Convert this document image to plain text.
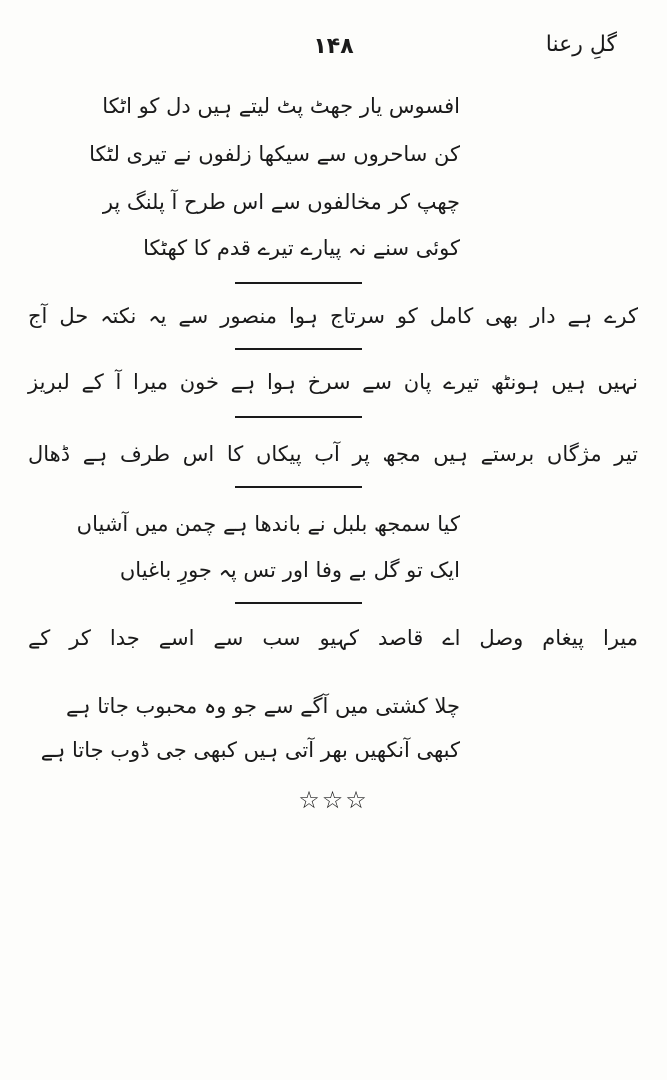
۱۴۸	گلِ رعنا
افسوس یار جھٹ پٹ لیتے ہیں دل کو اٹکا
کن ساحروں سے سیکھا زلفوں نے تیری لٹکا
چھپ کر مخالفوں سے اس طرح آ پلنگ پر
کوئی سنے نہ پیارے تیرے قدم کا کھٹکا
کرے ہے دار بھی کامل کو سرتاج ہوا منصور سے یہ نکتہ حل آج
نہیں ہیں ہونٹھ تیرے پان سے سرخ ہوا ہے خون میرا آ کے لبریز
تیر مژگاں برستے ہیں مجھ پر آب پیکاں کا اس طرف ہے ڈھال
کیا سمجھ بلبل نے باندھا ہے چمن میں آشیاں
ایک تو گل بے وفا اور تس پہ جورِ باغیاں
میرا پیغام وصل اے قاصد کہیو سب سے اسے جدا کر کے
چلا کشتی میں آگے سے جو وہ محبوب جاتا ہے
کبھی آنکھیں بھر آتی ہیں کبھی جی ڈوب جاتا ہے
☆☆☆
